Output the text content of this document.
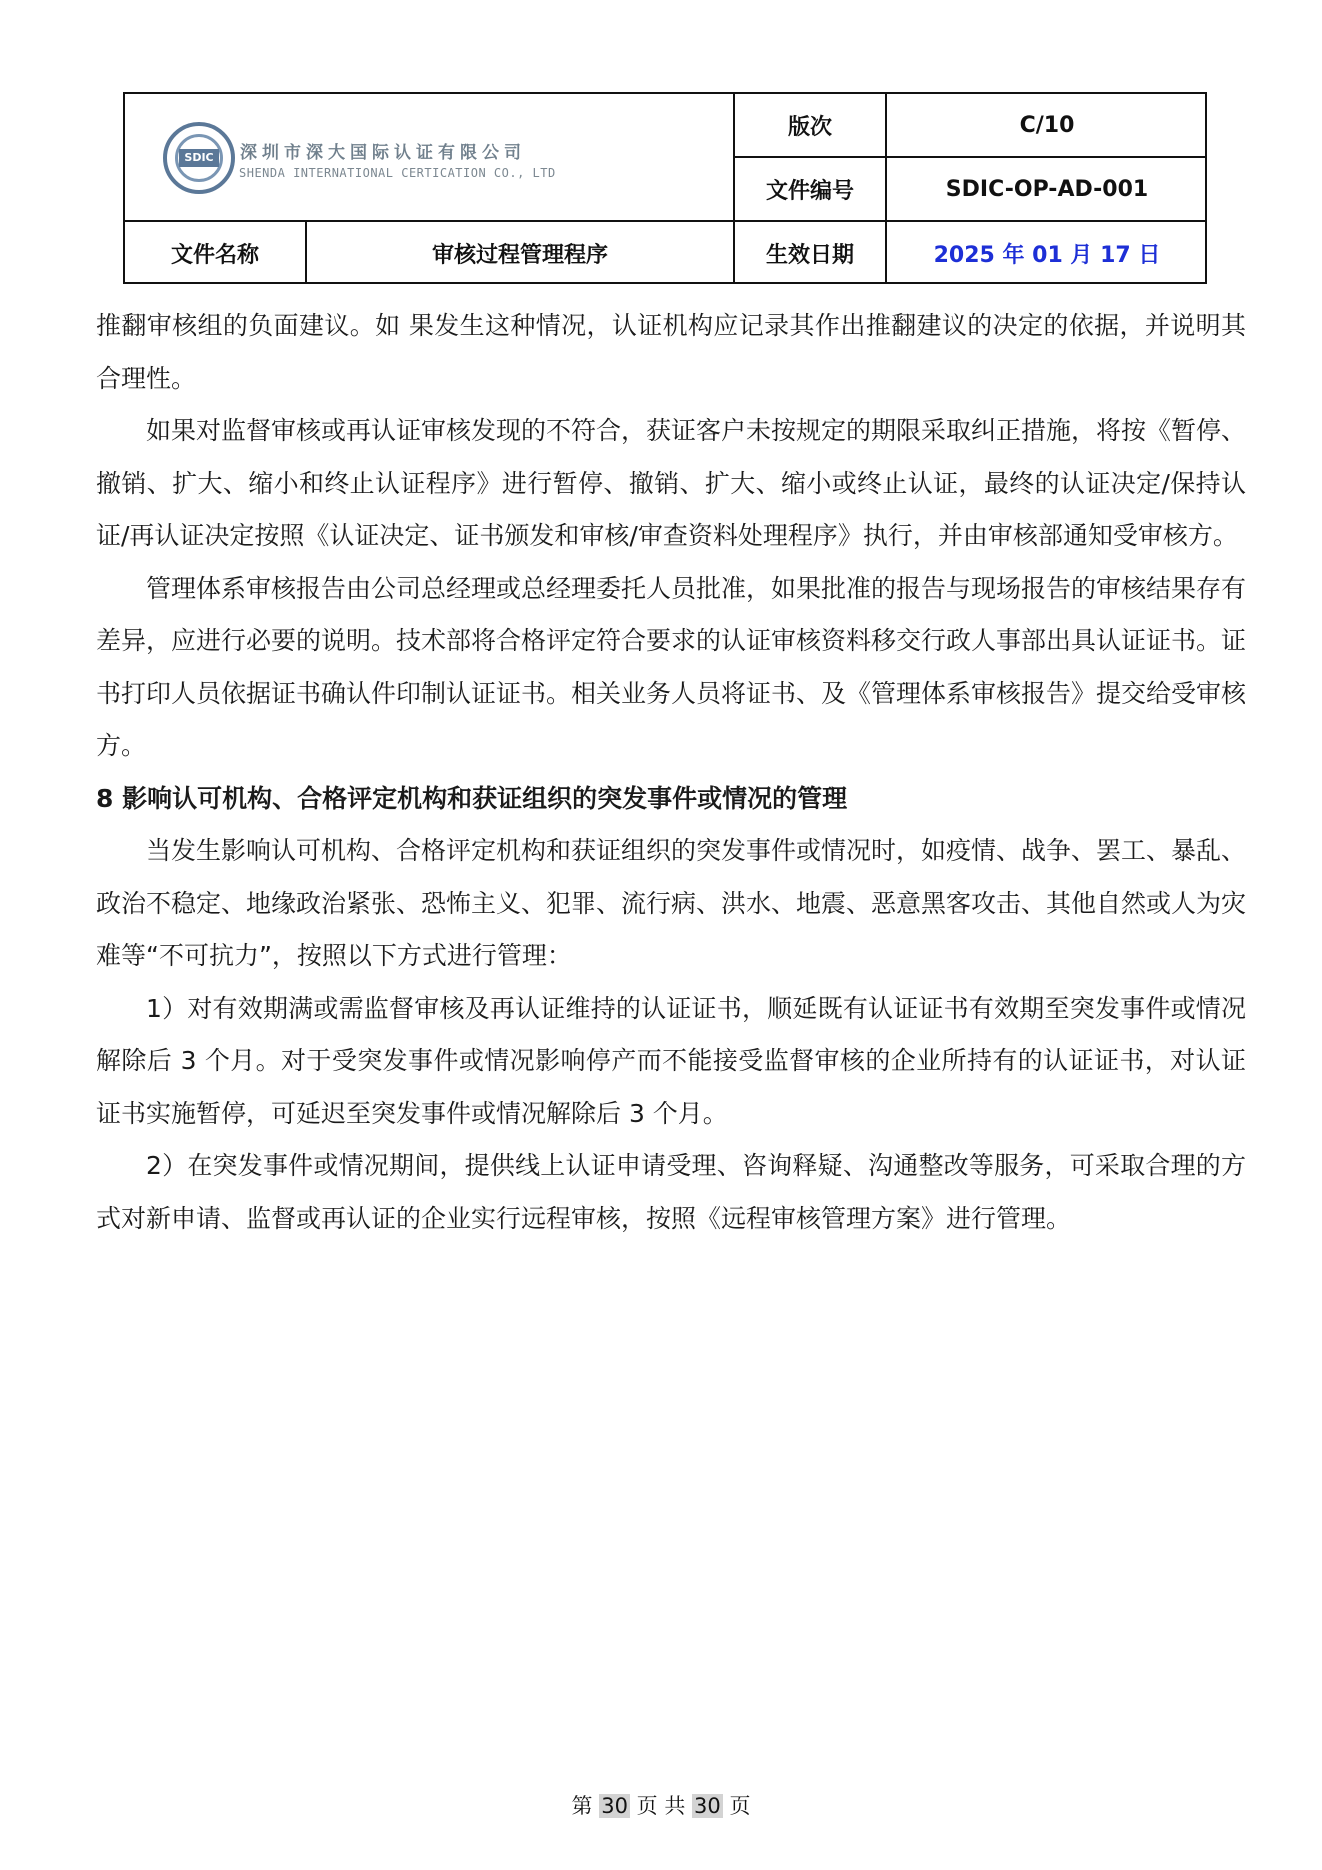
SDIC	深圳市深大国际认证有限公司
SHENDA INTERNATIONAL CERTICATION CO., LTD
版次	C/10
文件编号	SDIC-OP-AD-001
文件名称	审核过程管理程序	生效日期	2025 年 01 月 17 日

推翻审核组的负面建议。如 果发生这种情况，认证机构应记录其作出推翻建议的决定的依据，并说明其合理性。

如果对监督审核或再认证审核发现的不符合，获证客户未按规定的期限采取纠正措施，将按《暂停、撤销、扩大、缩小和终止认证程序》进行暂停、撤销、扩大、缩小或终止认证，最终的认证决定/保持认证/再认证决定按照《认证决定、证书颁发和审核/审查资料处理程序》执行，并由审核部通知受审核方。

管理体系审核报告由公司总经理或总经理委托人员批准，如果批准的报告与现场报告的审核结果存有差异，应进行必要的说明。技术部将合格评定符合要求的认证审核资料移交行政人事部出具认证证书。证书打印人员依据证书确认件印制认证证书。相关业务人员将证书、及《管理体系审核报告》提交给受审核方。

8 影响认可机构、合格评定机构和获证组织的突发事件或情况的管理

当发生影响认可机构、合格评定机构和获证组织的突发事件或情况时，如疫情、战争、罢工、暴乱、政治不稳定、地缘政治紧张、恐怖主义、犯罪、流行病、洪水、地震、恶意黑客攻击、其他自然或人为灾难等“不可抗力”，按照以下方式进行管理：

1）对有效期满或需监督审核及再认证维持的认证证书，顺延既有认证证书有效期至突发事件或情况解除后 3 个月。对于受突发事件或情况影响停产而不能接受监督审核的企业所持有的认证证书，对认证证书实施暂停，可延迟至突发事件或情况解除后 3 个月。

2）在突发事件或情况期间，提供线上认证申请受理、咨询释疑、沟通整改等服务，可采取合理的方式对新申请、监督或再认证的企业实行远程审核，按照《远程审核管理方案》进行管理。

第 30 页 共 30 页
